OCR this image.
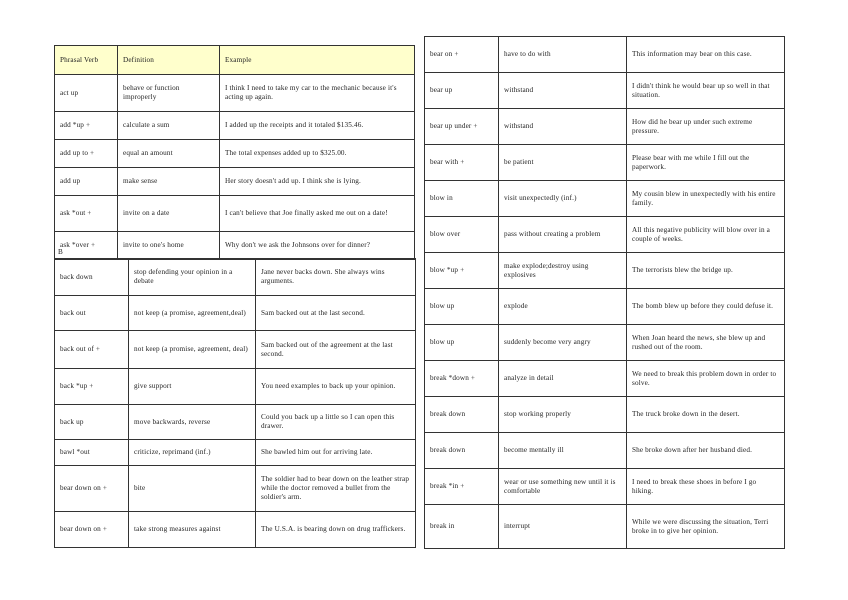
Phrasal Verb	Definition	Example
act up	behave or function improperly	I think I need to take my car to the mechanic because it's acting up again.
add *up +	calculate a sum	I added up the receipts and it totaled $135.46.
add up to +	equal an amount	The total expenses added up to $325.00.
add up	make sense	Her story doesn't add up. I think she is lying.
ask *out +	invite on a date	I can't believe that Joe finally asked me out on a date!
ask *over +	invite to one's home	Why don't we ask the Johnsons over for dinner?
B
back down	stop defending your opinion in a debate	Jane never backs down. She always wins arguments.
back out	not keep (a promise, agreement,deal)	Sam backed out at the last second.
back out of +	not keep (a promise, agreement, deal)	Sam backed out of the agreement at the last second.
back *up +	give support	You need examples to back up your opinion.
back up	move backwards, reverse	Could you back up a little so I can open this drawer.
bawl *out	criticize, reprimand (inf.)	She bawled him out for arriving late.
bear down on +	bite	The soldier had to bear down on the leather strap while the doctor removed a bullet from the soldier's arm.
bear down on +	take strong measures against	The U.S.A. is bearing down on drug traffickers.
bear on +	have to do with	This information may bear on this case.
bear up	withstand	I didn't think he would bear up so well in that situation.
bear up under +	withstand	How did he bear up under such extreme pressure.
bear with +	be patient	Please bear with me while I fill out the paperwork.
blow in	visit unexpectedly (inf.)	My cousin blew in unexpectedly with his entire family.
blow over	pass without creating a problem	All this negative publicity will blow over in a couple of weeks.
blow *up +	make explode;destroy using explosives	The terrorists blew the bridge up.
blow up	explode	The bomb blew up before they could defuse it.
blow up	suddenly become very angry	When Joan heard the news, she blew up and rushed out of the room.
break *down +	analyze in detail	We need to break this problem down in order to solve.
break down	stop working properly	The truck broke down in the desert.
break down	become mentally ill	She broke down after her husband died.
break *in +	wear or use something new until it is comfortable	I need to break these shoes in before I go hiking.
break in	interrupt	While we were discussing the situation, Terri broke in to give her opinion.
